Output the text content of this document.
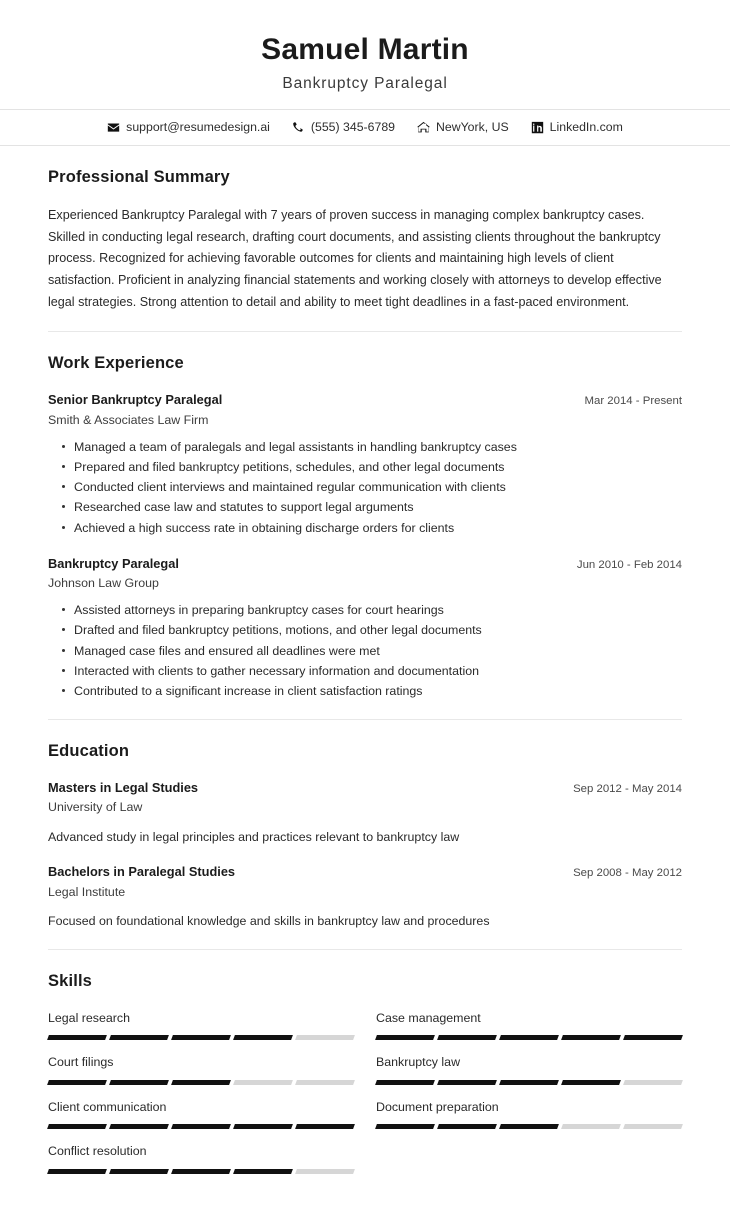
Samuel Martin
Bankruptcy Paralegal
support@resumedesign.ai	(555) 345-6789	NewYork, US	LinkedIn.com
Professional Summary

Experienced Bankruptcy Paralegal with 7 years of proven success in managing complex bankruptcy cases. Skilled in conducting legal research, drafting court documents, and assisting clients throughout the bankruptcy process. Recognized for achieving favorable outcomes for clients and maintaining high levels of client satisfaction. Proficient in analyzing financial statements and working closely with attorneys to develop effective legal strategies. Strong attention to detail and ability to meet tight deadlines in a fast-paced environment.

Work Experience
Senior Bankruptcy Paralegal	Mar 2014 - Present
Smith & Associates Law Firm
Managed a team of paralegals and legal assistants in handling bankruptcy cases
Prepared and filed bankruptcy petitions, schedules, and other legal documents
Conducted client interviews and maintained regular communication with clients
Researched case law and statutes to support legal arguments
Achieved a high success rate in obtaining discharge orders for clients
Bankruptcy Paralegal	Jun 2010 - Feb 2014
Johnson Law Group
Assisted attorneys in preparing bankruptcy cases for court hearings
Drafted and filed bankruptcy petitions, motions, and other legal documents
Managed case files and ensured all deadlines were met
Interacted with clients to gather necessary information and documentation
Contributed to a significant increase in client satisfaction ratings
Education
Masters in Legal Studies	Sep 2012 - May 2014
University of Law
Advanced study in legal principles and practices relevant to bankruptcy law
Bachelors in Paralegal Studies	Sep 2008 - May 2012
Legal Institute
Focused on foundational knowledge and skills in bankruptcy law and procedures
Skills
Legal research	Case management
Court filings	Bankruptcy law
Client communication	Document preparation
Conflict resolution
